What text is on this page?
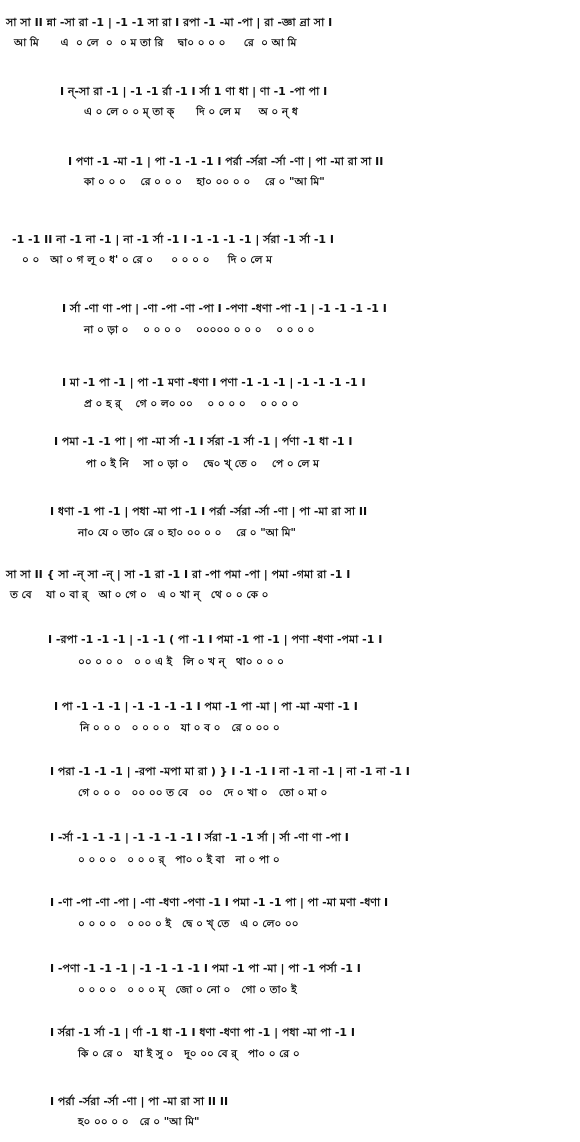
সা সা II ন্না -সা রা -1 | -1 -1 সা রা I রপা -1 -মা -পা | রা -জ্ঞা ন্রা সা I
আ মি      এ  ০ লে  ০  ০ ম তা রি    দ্বা০ ০ ০ ০     রে  ০ আ মি
I ন্-সা রা -1 | -1 -1 র্রা -1 I র্সা 1 ণা ধা | ণা -1 -পা পা I
এ ০ লে ০ ০ ম্ তা ক্      দি ০ লে ম     অ ০ ন্ ধ
I পণা -1 -মা -1 | পা -1 -1 -1 I পর্রা -র্সরা -র্সা -ণা | পা -মা রা সা II
কা ০ ০ ০    রে ০ ০ ০    হা০ ০০ ০ ০    রে ০ "আ মি"
-1 -1 II না -1 না -1 | না -1 র্সা -1 I -1 -1 -1 -1 | র্সরা -1 র্সা -1 I
০ ০   আ ০ গ লূ ০ ধ' ০ রে ০     ০ ০ ০ ০     দি ০ লে ম
I র্সা -ণা ণা -পা | -ণা -পা -ণা -পা I -পণা -ধণা -পা -1 | -1 -1 -1 -1 I
না ০ ড়া ০    ০ ০ ০ ০    ০০০০০ ০ ০ ০    ০ ০ ০ ০
I মা -1 পা -1 | পা -1 মণা -ধণা I পণা -1 -1 -1 | -1 -1 -1 -1 I
প্র ০ হ র্    গে ০ ল০ ০০    ০ ০ ০ ০    ০ ০ ০ ০
I পমা -1 -1 পা | পা -মা র্সা -1 I র্সরা -1 র্সা -1 | র্পণা -1 ধা -1 I
পা ০ ই নি    সা ০ ড়া ০    দ্বে০ খ্ তে ০    পে ০ লে ম
I ধণা -1 পা -1 | পধা -মা পা -1 I পর্রা -র্সরা -র্সা -ণা | পা -মা রা সা II
না০ যে ০ তা০ রে ০ হা০ ০০ ০ ০    রে ০ "আ মি"
সা সা II { সা -ন্ সা -ন্ | সা -1 রা -1 I রা -পা পমা -পা | পমা -গমা রা -1 I
ত বে    যা ০ বা র্   আ ০ গে ০   এ ০ খা ন্   থে ০ ০ কে ০
I -রপা -1 -1 -1 | -1 -1 ( পা -1 I পমা -1 পা -1 | পণা -ধণা -পমা -1 I
০০ ০ ০ ০   ০ ০ এ ই   লি ০ খ ন্   থা০ ০ ০ ০
I পা -1 -1 -1 | -1 -1 -1 -1 I পমা -1 পা -মা | পা -মা -মণা -1 I
নি ০ ০ ০   ০ ০ ০ ০   যা ০ ব ০   রে ০ ০০ ০
I পরা -1 -1 -1 | -রপা -মপা মা রা ) } I -1 -1 I না -1 না -1 | না -1 না -1 I
গে ০ ০ ০   ০০ ০০ ত বে   ০০   দে ০ খা ০   তো ০ মা ০
I -র্সা -1 -1 -1 | -1 -1 -1 -1 I র্সরা -1 -1 র্সা | র্সা -ণা ণা -পা I
০ ০ ০ ০   ০ ০ ০ র্   পা০ ০ ই বা   না ০ পা ০
I -ণা -পা -ণা -পা | -ণা -ধণা -পণা -1 I পমা -1 -1 পা | পা -মা মণা -ধণা I
০ ০ ০ ০   ০ ০০ ০ ই   দ্বে ০ খ্ তে   এ ০ লে০ ০০
I -পণা -1 -1 -1 | -1 -1 -1 -1 I পমা -1 পা -মা | পা -1 পর্সা -1 I
০ ০ ০ ০   ০ ০ ০ ম্   জো ০ নো ০   গো ০ তা০ ই
I র্সরা -1 র্সা -1 | র্ণা -1 ধা -1 I ধণা -ধণা পা -1 | পধা -মা পা -1 I
কি ০ রে ০   যা ই সু ০   দূ০ ০০ বে র্   পা০ ০ রে ০
I পর্রা -র্সরা -র্সা -ণা | পা -মা রা সা II II
হ০ ০০ ০ ০   রে ০ "আ মি"
